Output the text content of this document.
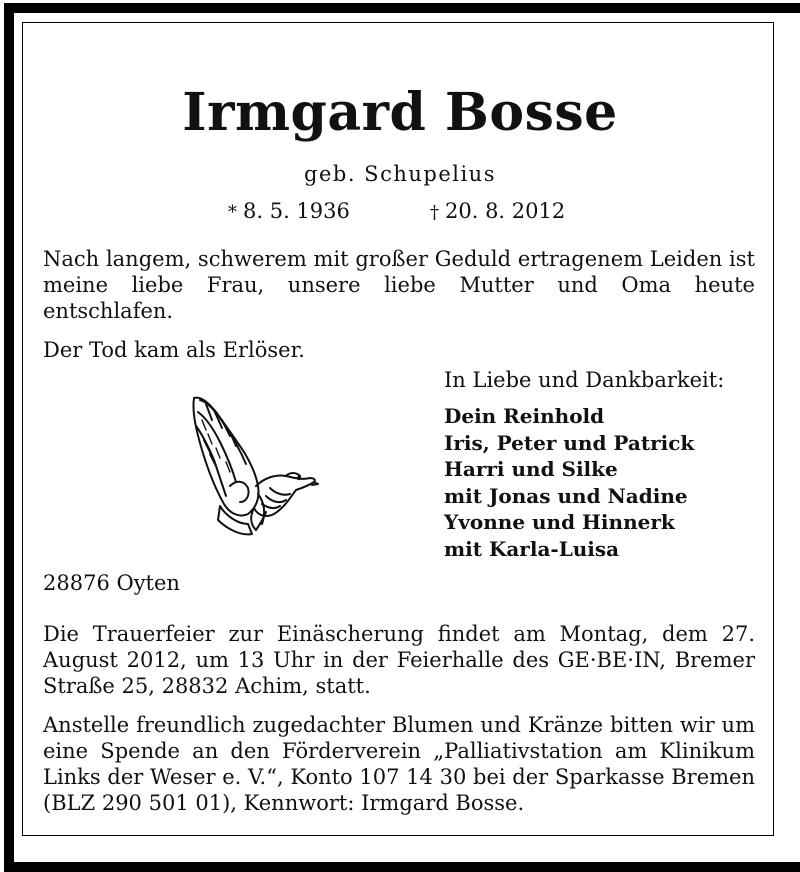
Irmgard Bosse
geb. Schupelius
* 8. 5. 1936	† 20. 8. 2012
Nach langem, schwerem mit großer Geduld ertragenem Leiden ist meine liebe Frau, unsere liebe Mutter und Oma heute entschlafen.
Der Tod kam als Erlöser.
In Liebe und Dankbarkeit:
Dein Reinhold
Iris, Peter und Patrick
Harri und Silke
mit Jonas und Nadine
Yvonne und Hinnerk
mit Karla-Luisa
28876 Oyten
Die Trauerfeier zur Einäscherung findet am Montag, dem 27. August 2012, um 13 Uhr in der Feierhalle des GE·BE·IN, Bremer Straße 25, 28832 Achim, statt.
Anstelle freundlich zugedachter Blumen und Kränze bitten wir um eine Spende an den Förderverein „Palliativstation am Klinikum Links der Weser e. V.“, Konto 107 14 30 bei der Sparkasse Bremen (BLZ 290 501 01), Kennwort: Irmgard Bosse.
